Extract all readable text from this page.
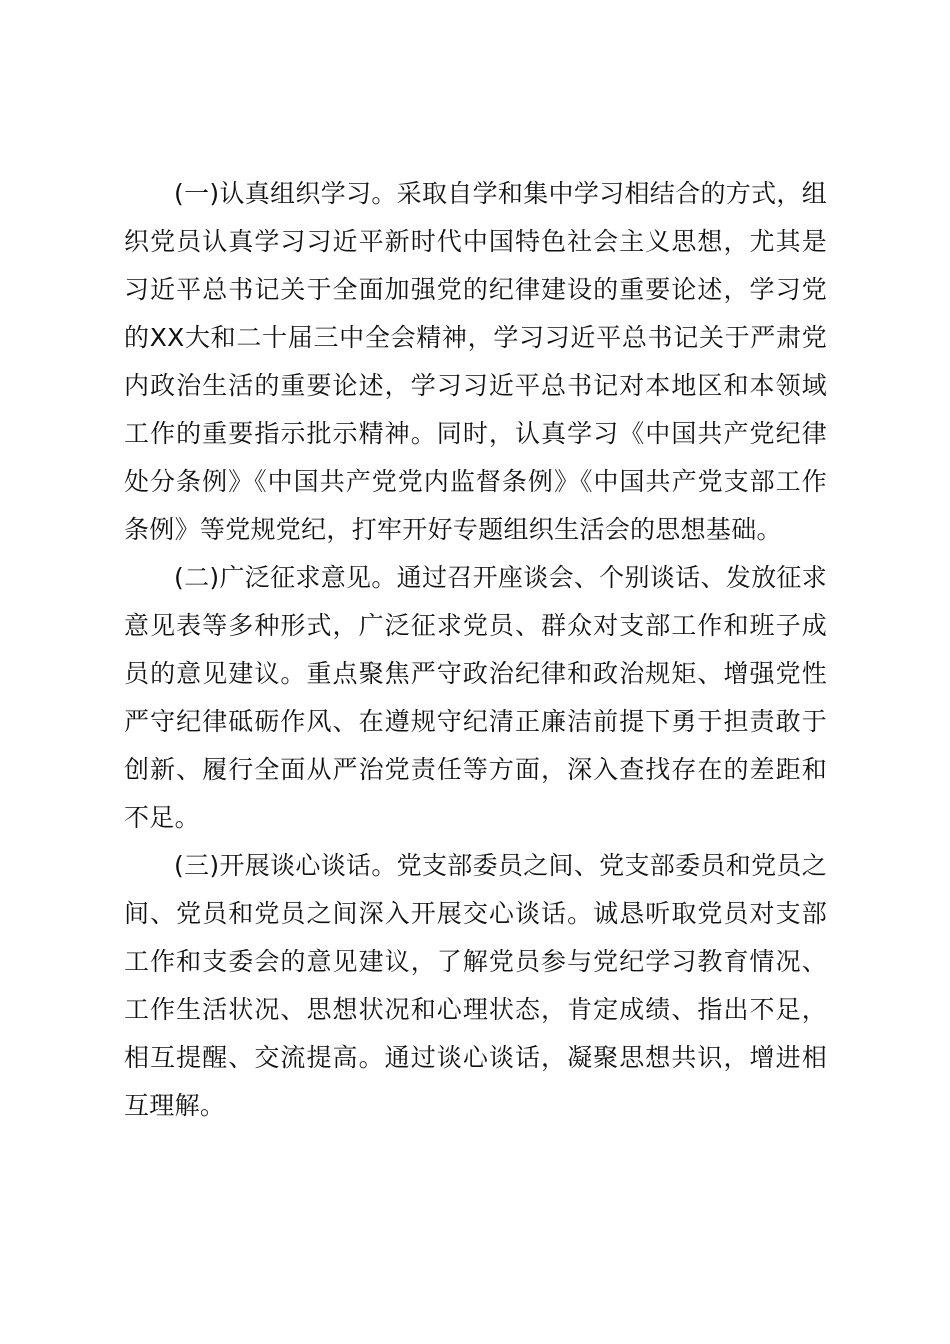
(一)认真组织学习。采取自学和集中学习相结合的方式，组织党员认真学习习近平新时代中国特色社会主义思想，尤其是习近平总书记关于全面加强党的纪律建设的重要论述，学习党的XX大和二十届三中全会精神，学习习近平总书记关于严肃党内政治生活的重要论述，学习习近平总书记对本地区和本领域工作的重要指示批示精神。同时，认真学习《中国共产党纪律处分条例》《中国共产党党内监督条例》《中国共产党支部工作条例》等党规党纪，打牢开好专题组织生活会的思想基础。

(二)广泛征求意见。通过召开座谈会、个别谈话、发放征求意见表等多种形式，广泛征求党员、群众对支部工作和班子成员的意见建议。重点聚焦严守政治纪律和政治规矩、增强党性严守纪律砥砺作风、在遵规守纪清正廉洁前提下勇于担责敢于创新、履行全面从严治党责任等方面，深入查找存在的差距和不足。

(三)开展谈心谈话。党支部委员之间、党支部委员和党员之间、党员和党员之间深入开展交心谈话。诚恳听取党员对支部工作和支委会的意见建议，了解党员参与党纪学习教育情况、工作生活状况、思想状况和心理状态，肯定成绩、指出不足，相互提醒、交流提高。通过谈心谈话，凝聚思想共识，增进相互理解。
